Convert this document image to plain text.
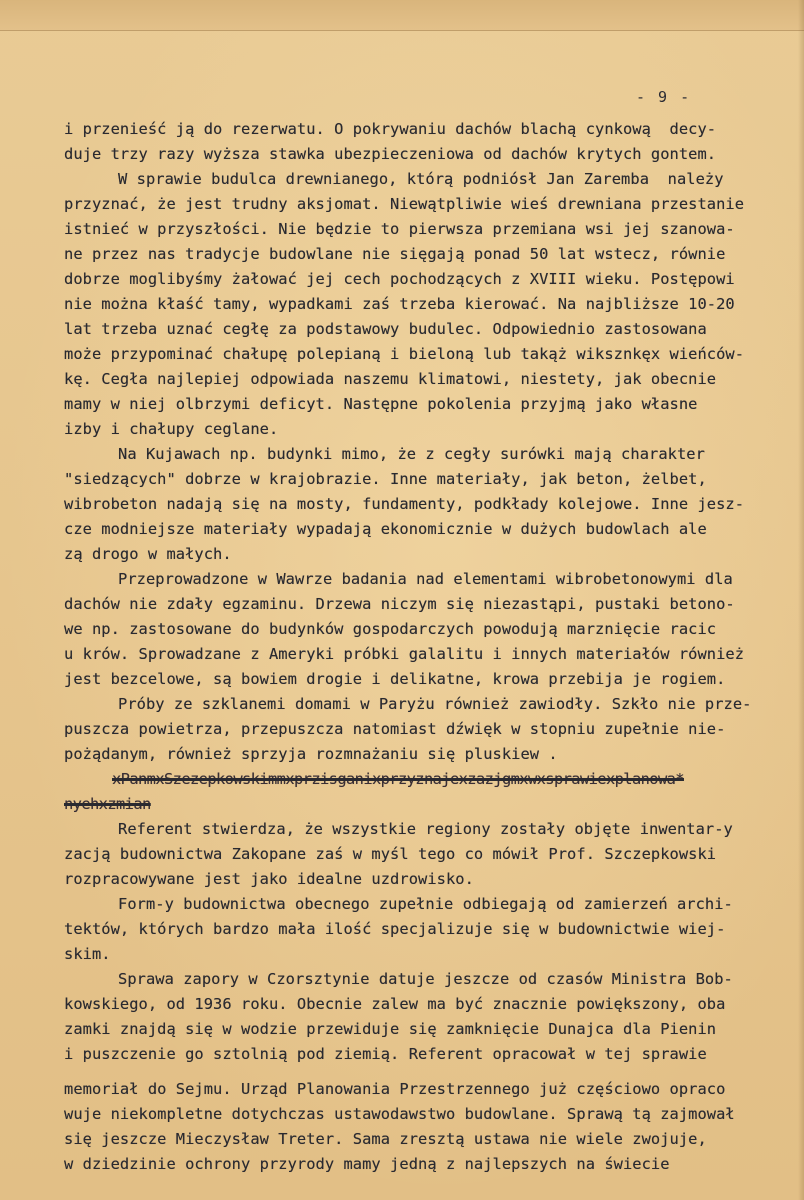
- 9 -
i przenieść ją do rezerwatu. O pokrywaniu dachów blachą cynkową  decy-
duje trzy razy wyższa stawka ubezpieczeniowa od dachów krytych gontem.
W sprawie budulca drewnianego, którą podniósł Jan Zaremba  należy
przyznać, że jest trudny aksjomat. Niewątpliwie wieś drewniana przestanie
istnieć w przyszłości. Nie będzie to pierwsza przemiana wsi jej szanowa-
ne przez nas tradycje budowlane nie sięgają ponad 50 lat wstecz, równie
dobrze moglibyśmy żałować jej cech pochodzących z XVIII wieku. Postępowi
nie można kłaść tamy, wypadkami zaś trzeba kierować. Na najbliższe 10-20
lat trzeba uznać cegłę za podstawowy budulec. Odpowiednio zastosowana
może przypominać chałupę polepianą i bieloną lub takąż wiksznkęx wieńców-
kę. Cegła najlepiej odpowiada naszemu klimatowi, niestety, jak obecnie
mamy w niej olbrzymi deficyt. Następne pokolenia przyjmą jako własne
izby i chałupy ceglane.
Na Kujawach np. budynki mimo, że z cegły surówki mają charakter
"siedzących" dobrze w krajobrazie. Inne materiały, jak beton, żelbet,
wibrobeton nadają się na mosty, fundamenty, podkłady kolejowe. Inne jesz-
cze modniejsze materiały wypadają ekonomicznie w dużych budowlach ale
zą drogo w małych.
Przeprowadzone w Wawrze badania nad elementami wibrobetonowymi dla
dachów nie zdały egzaminu. Drzewa niczym się niezastąpi, pustaki betono-
we np. zastosowane do budynków gospodarczych powodują marznięcie racic
u krów. Sprowadzane z Ameryki próbki galalitu i innych materiałów również
jest bezcelowe, są bowiem drogie i delikatne, krowa przebija je rogiem.
Próby ze szklanemi domami w Paryżu również zawiodły. Szkło nie prze-
puszcza powietrza, przepuszcza natomiast dźwięk w stopniu zupełnie nie-
pożądanym, również sprzyja rozmnażaniu się pluskiew .
xPanmxSzezepkowskimmxprzisganixprzyznajexzazjgmxwxsprawiexplanowa*
nyehxzmian
Referent stwierdza, że wszystkie regiony zostały objęte inwentar-y
zacją budownictwa Zakopane zaś w myśl tego co mówił Prof. Szczepkowski
rozpracowywane jest jako idealne uzdrowisko.
Form-y budownictwa obecnego zupełnie odbiegają od zamierzeń archi-
tektów, których bardzo mała ilość specjalizuje się w budownictwie wiej-
skim.
Sprawa zapory w Czorsztynie datuje jeszcze od czasów Ministra Bob-
kowskiego, od 1936 roku. Obecnie zalew ma być znacznie powiększony, oba
zamki znajdą się w wodzie przewiduje się zamknięcie Dunajca dla Pienin
i puszczenie go sztolnią pod ziemią. Referent opracował w tej sprawie
memoriał do Sejmu. Urząd Planowania Przestrzennego już częściowo opraco
wuje niekompletne dotychczas ustawodawstwo budowlane. Sprawą tą zajmował
się jeszcze Mieczysław Treter. Sama zresztą ustawa nie wiele zwojuje,
w dziedzinie ochrony przyrody mamy jedną z najlepszych na świecie
